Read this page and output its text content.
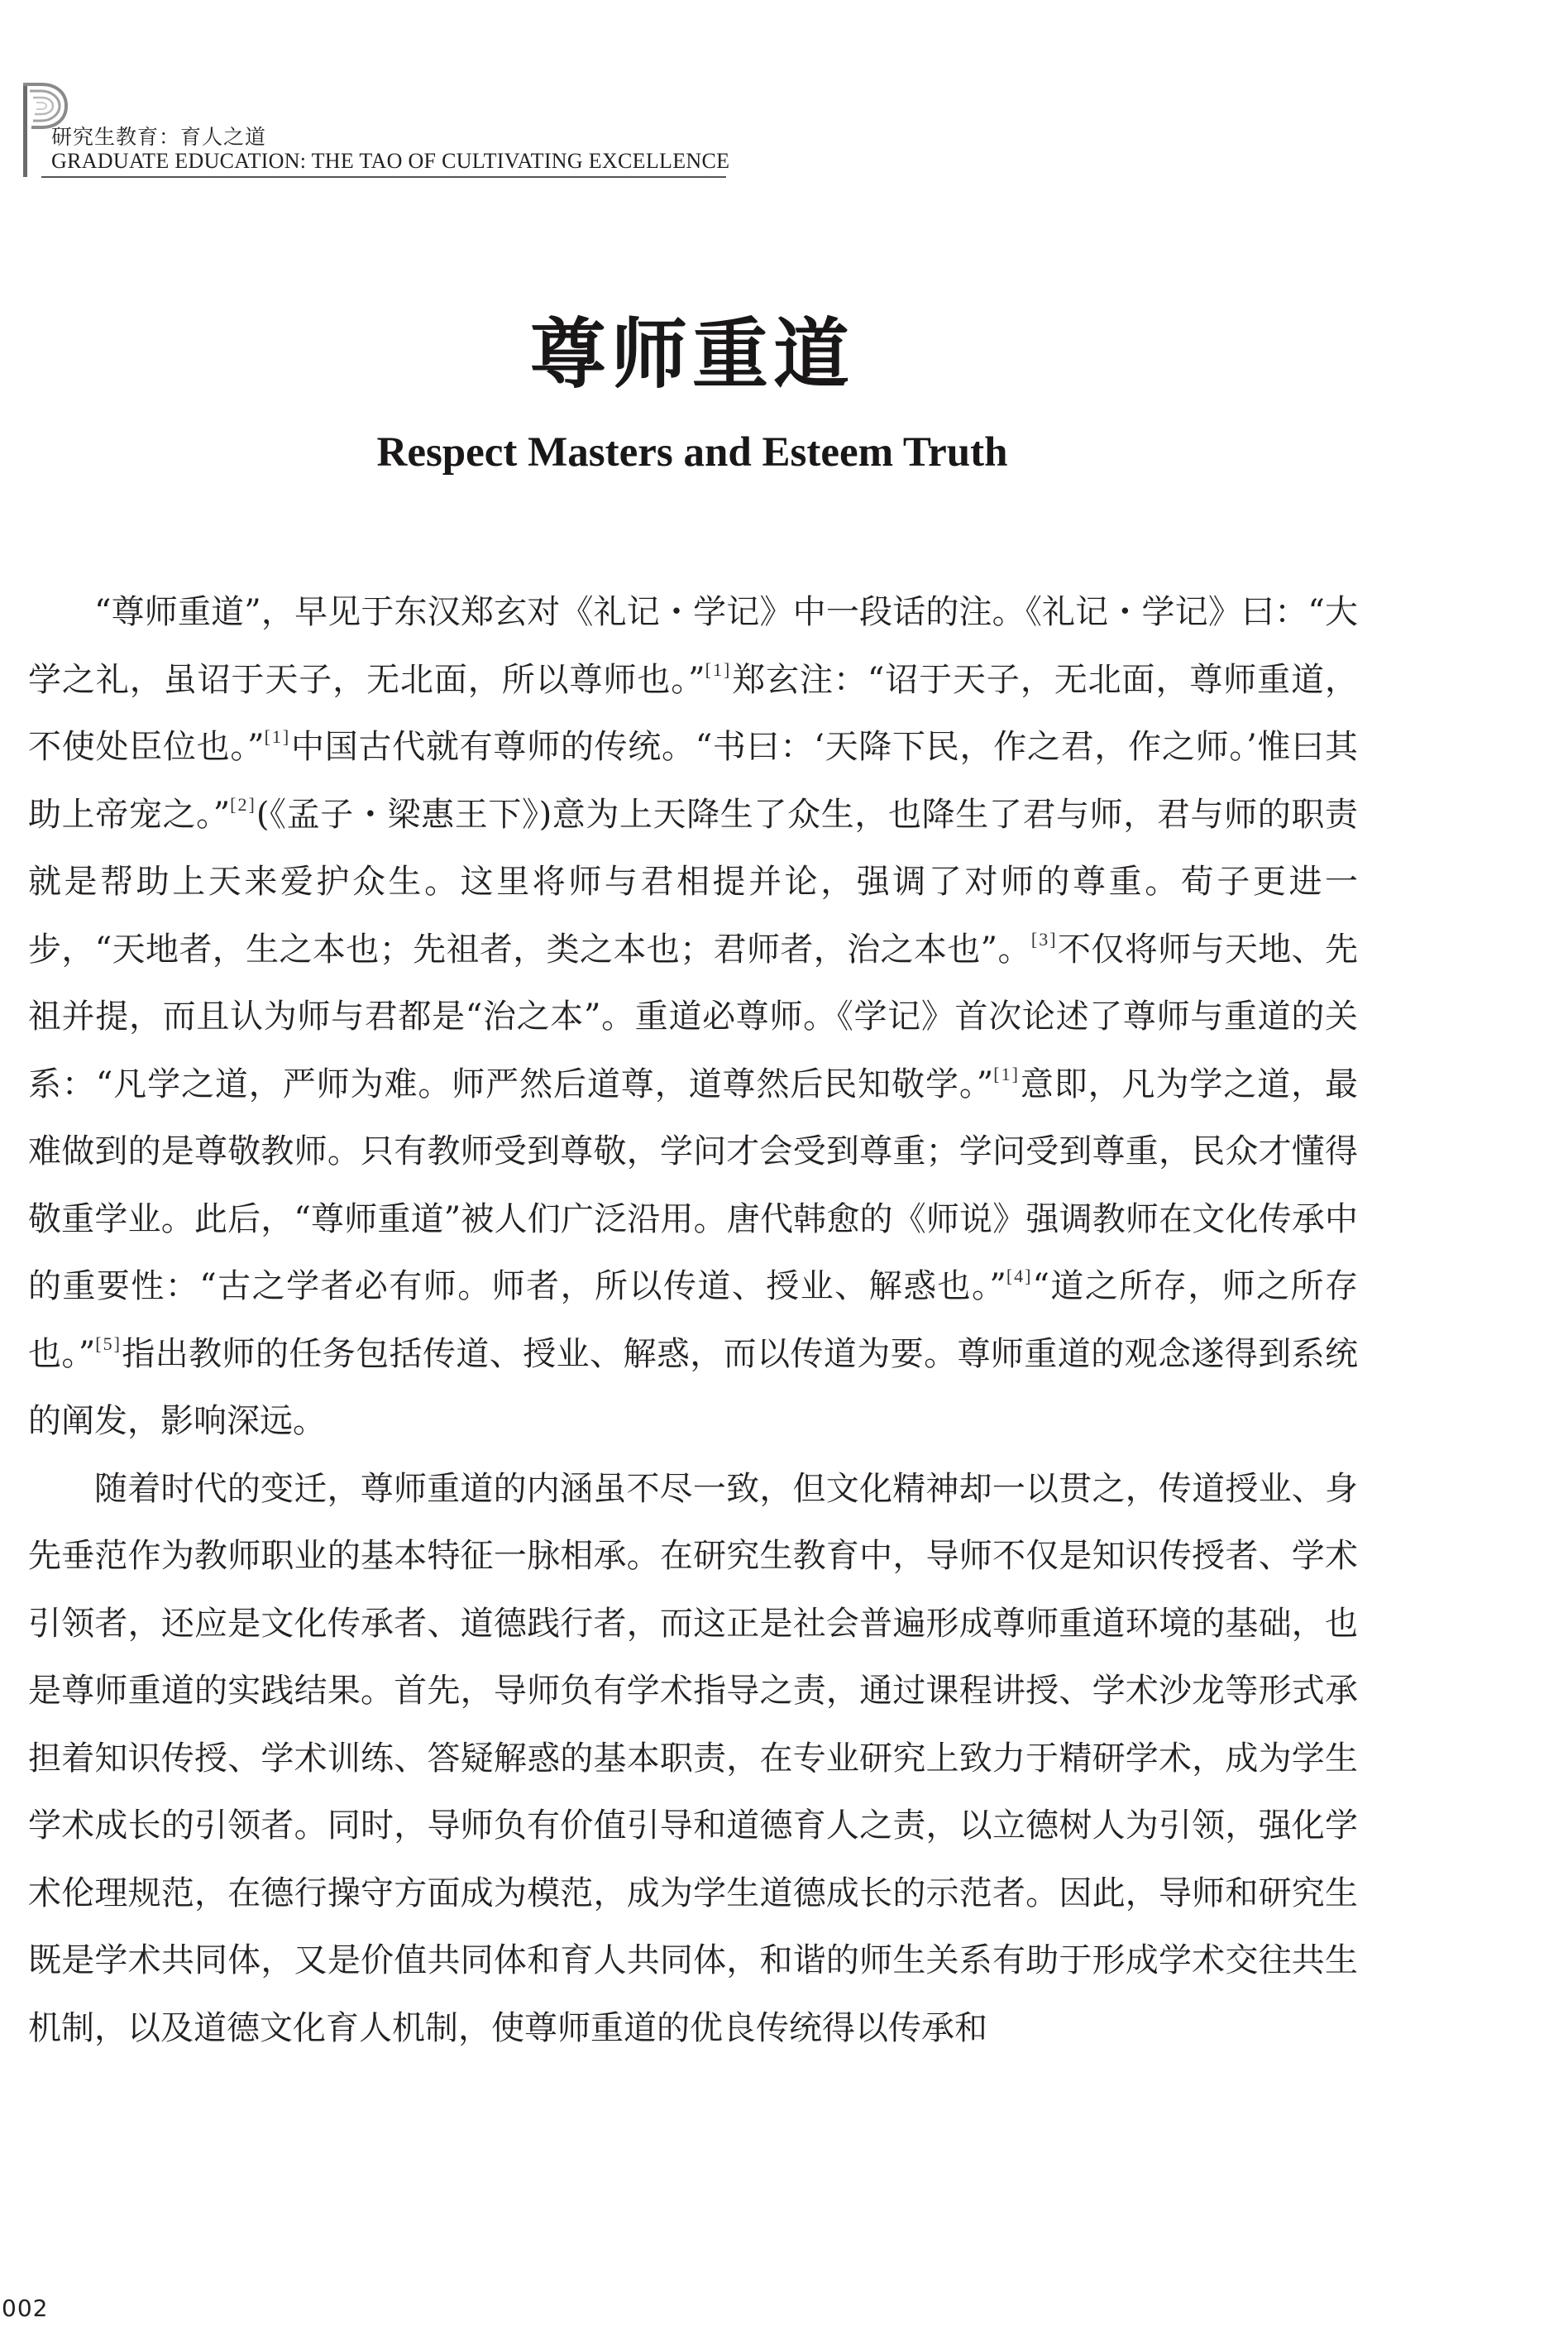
研究生教育：育人之道
GRADUATE EDUCATION: THE TAO OF CULTIVATING EXCELLENCE
尊师重道
Respect Masters and Esteem Truth

“尊师重道”，早见于东汉郑玄对《礼记・学记》中一段话的注。《礼记・学记》曰：“大学之礼，虽诏于天子，无北面，所以尊师也。”[1]郑玄注：“诏于天子，无北面，尊师重道，不使处臣位也。”[1]中国古代就有尊师的传统。“书曰：‘天降下民，作之君，作之师。’惟曰其助上帝宠之。”[2](《孟子・梁惠王下》)意为上天降生了众生，也降生了君与师，君与师的职责就是帮助上天来爱护众生。这里将师与君相提并论，强调了对师的尊重。荀子更进一步，“天地者，生之本也；先祖者，类之本也；君师者，治之本也”。[3]不仅将师与天地、先祖并提，而且认为师与君都是“治之本”。重道必尊师。《学记》首次论述了尊师与重道的关系：“凡学之道，严师为难。师严然后道尊，道尊然后民知敬学。”[1]意即，凡为学之道，最难做到的是尊敬教师。只有教师受到尊敬，学问才会受到尊重；学问受到尊重，民众才懂得敬重学业。此后，“尊师重道”被人们广泛沿用。唐代韩愈的《师说》强调教师在文化传承中的重要性：“古之学者必有师。师者，所以传道、授业、解惑也。”[4]“道之所存，师之所存也。”[5]指出教师的任务包括传道、授业、解惑，而以传道为要。尊师重道的观念遂得到系统的阐发，影响深远。

随着时代的变迁，尊师重道的内涵虽不尽一致，但文化精神却一以贯之，传道授业、身先垂范作为教师职业的基本特征一脉相承。在研究生教育中，导师不仅是知识传授者、学术引领者，还应是文化传承者、道德践行者，而这正是社会普遍形成尊师重道环境的基础，也是尊师重道的实践结果。首先，导师负有学术指导之责，通过课程讲授、学术沙龙等形式承担着知识传授、学术训练、答疑解惑的基本职责，在专业研究上致力于精研学术，成为学生学术成长的引领者。同时，导师负有价值引导和道德育人之责，以立德树人为引领，强化学术伦理规范，在德行操守方面成为模范，成为学生道德成长的示范者。因此，导师和研究生既是学术共同体，又是价值共同体和育人共同体，和谐的师生关系有助于形成学术交往共生机制，以及道德文化育人机制，使尊师重道的优良传统得以传承和

002
